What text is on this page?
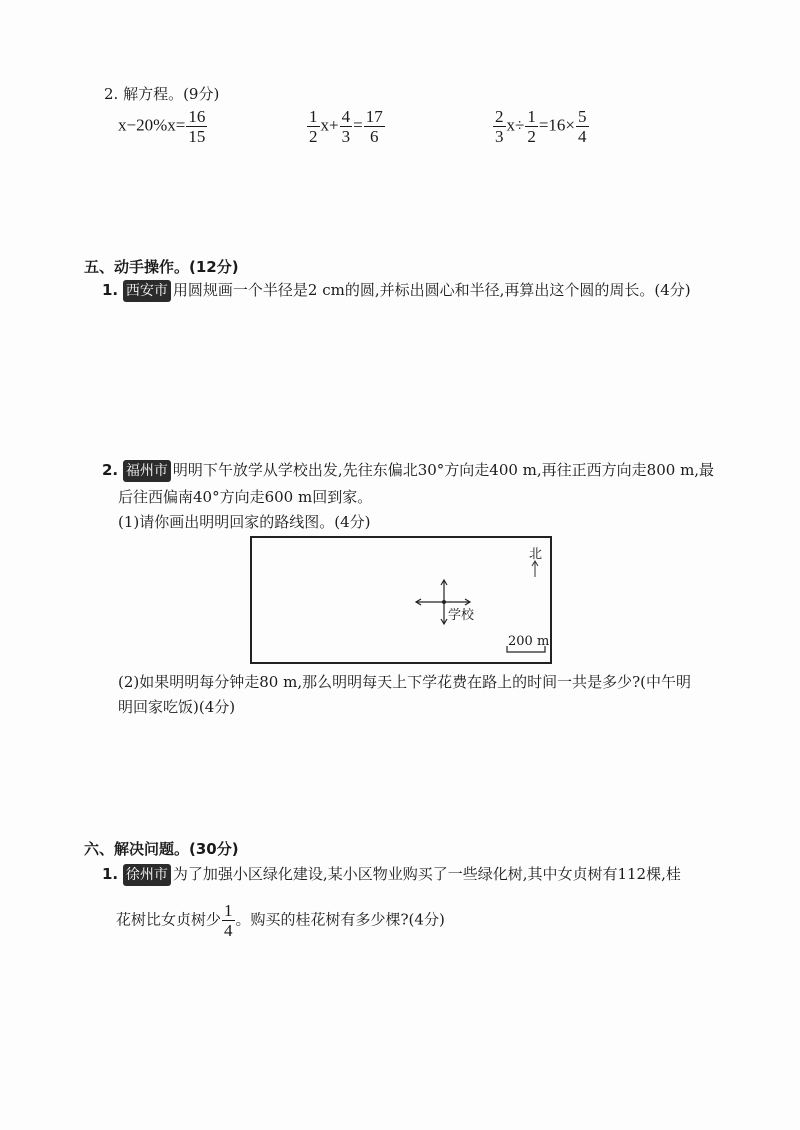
2. 解方程。(9分)
$x-20\%x= \frac{16}{15}$	$\frac{1}{2} x+ \frac{4}{3} = \frac{17}{6}$	$\frac{2}{3} x\div \frac{1}{2} =16\times \frac{5}{4}$
五、动手操作。(12分)
1. 西安市 用圆规画一个半径是2 cm的圆,并标出圆心和半径,再算出这个圆的周长。(4分)
2. 福州市 明明下午放学从学校出发,先往东偏北30°方向走400 m,再往正西方向走800 m,最
后往西偏南40°方向走600 m回到家。
(1)请你画出明明回家的路线图。(4分)
北
学校
200 m
(2)如果明明每分钟走80 m,那么明明每天上下学花费在路上的时间一共是多少?(中午明
明回家吃饭)(4分)
六、解决问题。(30分)
1. 徐州市 为了加强小区绿化建设,某小区物业购买了一些绿化树,其中女贞树有112棵,桂
花树比女贞树少 $\frac{1}{4}$ 。购买的桂花树有多少棵?(4分)
